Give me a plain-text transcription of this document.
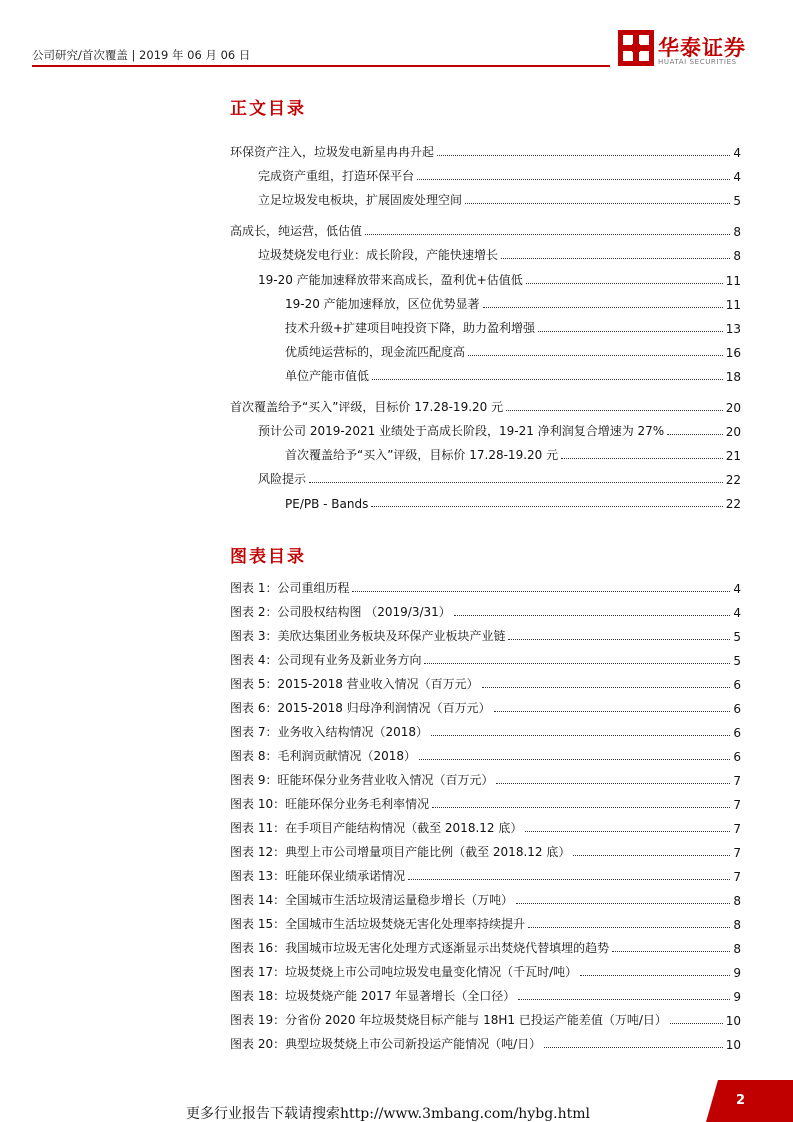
公司研究/首次覆盖 | 2019 年 06 月 06 日	华泰证券
HUATAI SECURITIES
正文目录
环保资产注入，垃圾发电新星冉冉升起	4
完成资产重组，打造环保平台	4
立足垃圾发电板块，扩展固废处理空间	5
高成长，纯运营，低估值	8
垃圾焚烧发电行业：成长阶段，产能快速增长	8
19-20 产能加速释放带来高成长，盈利优+估值低	11
19-20 产能加速释放，区位优势显著	11
技术升级+扩建项目吨投资下降，助力盈利增强	13
优质纯运营标的，现金流匹配度高	16
单位产能市值低	18
首次覆盖给予“买入”评级，目标价 17.28-19.20 元	20
预计公司 2019-2021 业绩处于高成长阶段，19-21 净利润复合增速为 27%	20
首次覆盖给予“买入”评级，目标价 17.28-19.20 元	21
风险提示	22
PE/PB - Bands	22
图表目录
图表 1： 公司重组历程	4
图表 2： 公司股权结构图 （2019/3/31）	4
图表 3： 美欣达集团业务板块及环保产业板块产业链	5
图表 4： 公司现有业务及新业务方向	5
图表 5： 2015-2018 营业收入情况（百万元）	6
图表 6： 2015-2018 归母净利润情况（百万元）	6
图表 7： 业务收入结构情况（2018）	6
图表 8： 毛利润贡献情况（2018）	6
图表 9： 旺能环保分业务营业收入情况（百万元）	7
图表 10： 旺能环保分业务毛利率情况	7
图表 11： 在手项目产能结构情况（截至 2018.12 底）	7
图表 12： 典型上市公司增量项目产能比例（截至 2018.12 底）	7
图表 13： 旺能环保业绩承诺情况	7
图表 14： 全国城市生活垃圾清运量稳步增长（万吨）	8
图表 15： 全国城市生活垃圾焚烧无害化处理率持续提升	8
图表 16： 我国城市垃圾无害化处理方式逐渐显示出焚烧代替填埋的趋势	8
图表 17： 垃圾焚烧上市公司吨垃圾发电量变化情况（千瓦时/吨）	9
图表 18： 垃圾焚烧产能 2017 年显著增长（全口径）	9
图表 19： 分省份 2020 年垃圾焚烧目标产能与 18H1 已投运产能差值（万吨/日）	10
图表 20： 典型垃圾焚烧上市公司新投运产能情况（吨/日）	10
更多行业报告下载请搜索http://www.3mbang.com/hybg.html
2
